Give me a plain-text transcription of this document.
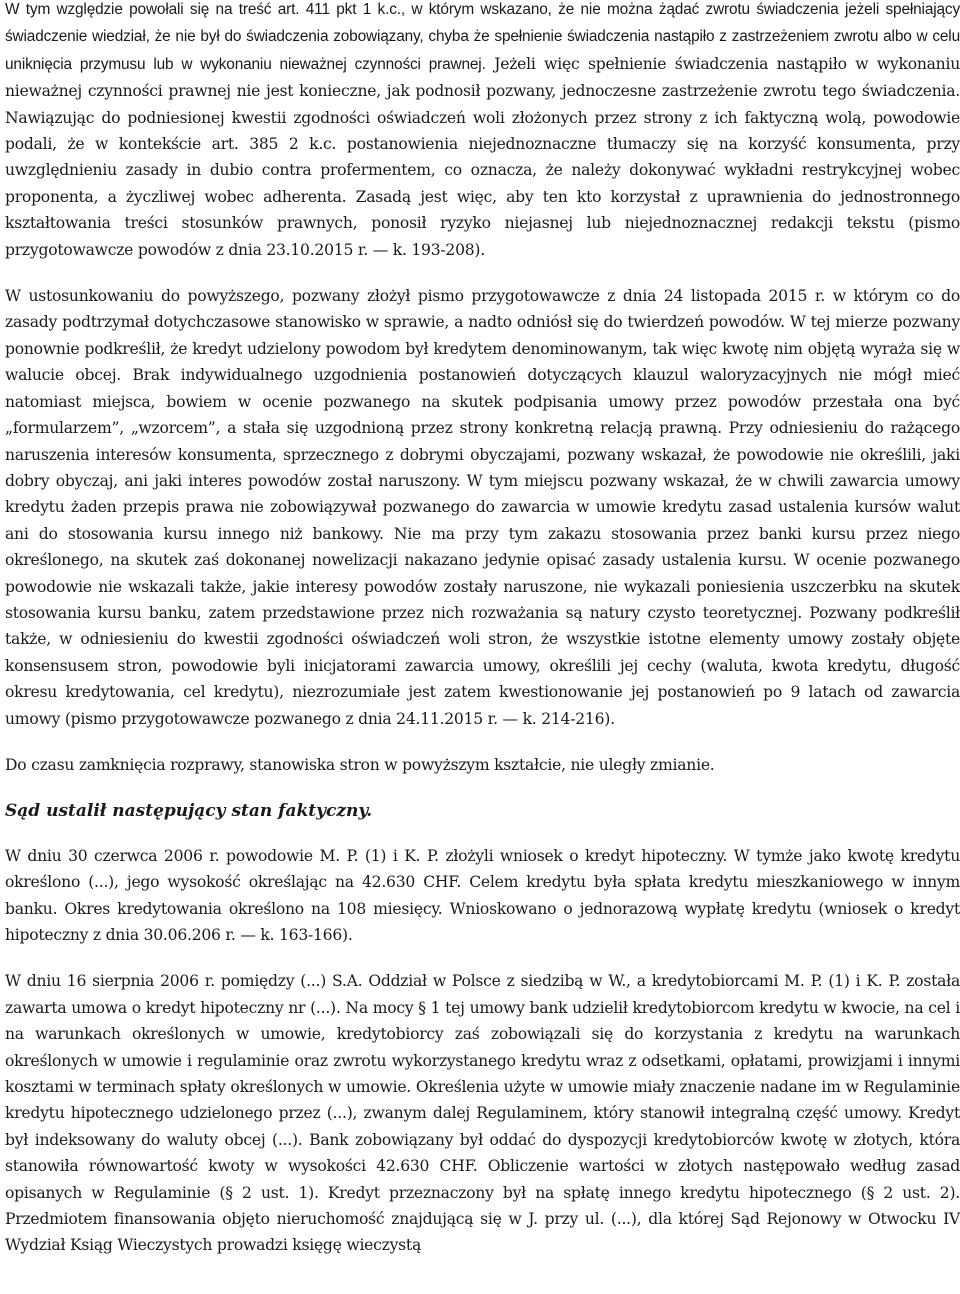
W tym względzie powołali się na treść art. 411 pkt 1 k.c., w którym wskazano, że nie można żądać zwrotu świadczenia jeżeli spełniający świadczenie wiedział, że nie był do świadczenia zobowiązany, chyba że spełnienie świadczenia nastąpiło z zastrzeżeniem zwrotu albo w celu uniknięcia przymusu lub w wykonaniu nieważnej czynności prawnej. Jeżeli więc spełnienie świadczenia nastąpiło w wykonaniu nieważnej czynności prawnej nie jest konieczne, jak podnosił pozwany, jednoczesne zastrzeżenie zwrotu tego świadczenia. Nawiązując do podniesionej kwestii zgodności oświadczeń woli złożonych przez strony z ich faktyczną wolą, powodowie podali, że w kontekście art. 385 2 k.c. postanowienia niejednoznaczne tłumaczy się na korzyść konsumenta, przy uwzględnieniu zasady in dubio contra profermentem, co oznacza, że należy dokonywać wykładni restrykcyjnej wobec proponenta, a życzliwej wobec adherenta. Zasadą jest więc, aby ten kto korzystał z uprawnienia do jednostronnego kształtowania treści stosunków prawnych, ponosił ryzyko niejasnej lub niejednoznacznej redakcji tekstu (pismo przygotowawcze powodów z dnia 23.10.2015 r. — k. 193-208).

W ustosunkowaniu do powyższego, pozwany złożył pismo przygotowawcze z dnia 24 listopada 2015 r. w którym co do zasady podtrzymał dotychczasowe stanowisko w sprawie, a nadto odniósł się do twierdzeń powodów. W tej mierze pozwany ponownie podkreślił, że kredyt udzielony powodom był kredytem denominowanym, tak więc kwotę nim objętą wyraża się w walucie obcej. Brak indywidualnego uzgodnienia postanowień dotyczących klauzul waloryzacyjnych nie mógł mieć natomiast miejsca, bowiem w ocenie pozwanego na skutek podpisania umowy przez powodów przestała ona być „formularzem”, „wzorcem”, a stała się uzgodnioną przez strony konkretną relacją prawną. Przy odniesieniu do rażącego naruszenia interesów konsumenta, sprzecznego z dobrymi obyczajami, pozwany wskazał, że powodowie nie określili, jaki dobry obyczaj, ani jaki interes powodów został naruszony. W tym miejscu pozwany wskazał, że w chwili zawarcia umowy kredytu żaden przepis prawa nie zobowiązywał pozwanego do zawarcia w umowie kredytu zasad ustalenia kursów walut ani do stosowania kursu innego niż bankowy. Nie ma przy tym zakazu stosowania przez banki kursu przez niego określonego, na skutek zaś dokonanej nowelizacji nakazano jedynie opisać zasady ustalenia kursu. W ocenie pozwanego powodowie nie wskazali także, jakie interesy powodów zostały naruszone, nie wykazali poniesienia uszczerbku na skutek stosowania kursu banku, zatem przedstawione przez nich rozważania są natury czysto teoretycznej. Pozwany podkreślił także, w odniesieniu do kwestii zgodności oświadczeń woli stron, że wszystkie istotne elementy umowy zostały objęte konsensusem stron, powodowie byli inicjatorami zawarcia umowy, określili jej cechy (waluta, kwota kredytu, długość okresu kredytowania, cel kredytu), niezrozumiałe jest zatem kwestionowanie jej postanowień po 9 latach od zawarcia umowy (pismo przygotowawcze pozwanego z dnia 24.11.2015 r. — k. 214-216).

Do czasu zamknięcia rozprawy, stanowiska stron w powyższym kształcie, nie uległy zmianie.

Sąd ustalił następujący stan faktyczny.

W dniu 30 czerwca 2006 r. powodowie M. P. (1) i K. P. złożyli wniosek o kredyt hipoteczny. W tymże jako kwotę kredytu określono (...), jego wysokość określając na 42.630 CHF. Celem kredytu była spłata kredytu mieszkaniowego w innym banku. Okres kredytowania określono na 108 miesięcy. Wnioskowano o jednorazową wypłatę kredytu (wniosek o kredyt hipoteczny z dnia 30.06.206 r. — k. 163-166).

W dniu 16 sierpnia 2006 r. pomiędzy (...) S.A. Oddział w Polsce z siedzibą w W., a kredytobiorcami M. P. (1) i K. P. została zawarta umowa o kredyt hipoteczny nr (...). Na mocy § 1 tej umowy bank udzielił kredytobiorcom kredytu w kwocie, na cel i na warunkach określonych w umowie, kredytobiorcy zaś zobowiązali się do korzystania z kredytu na warunkach określonych w umowie i regulaminie oraz zwrotu wykorzystanego kredytu wraz z odsetkami, opłatami, prowizjami i innymi kosztami w terminach spłaty określonych w umowie. Określenia użyte w umowie miały znaczenie nadane im w Regulaminie kredytu hipotecznego udzielonego przez (...), zwanym dalej Regulaminem, który stanowił integralną część umowy. Kredyt był indeksowany do waluty obcej (...). Bank zobowiązany był oddać do dyspozycji kredytobiorców kwotę w złotych, która stanowiła równowartość kwoty w wysokości 42.630 CHF. Obliczenie wartości w złotych następowało według zasad opisanych w Regulaminie (§ 2 ust. 1). Kredyt przeznaczony był na spłatę innego kredytu hipotecznego (§ 2 ust. 2). Przedmiotem finansowania objęto nieruchomość znajdującą się w J. przy ul. (...), dla której Sąd Rejonowy w Otwocku IV Wydział Ksiąg Wieczystych prowadzi księgę wieczystą
